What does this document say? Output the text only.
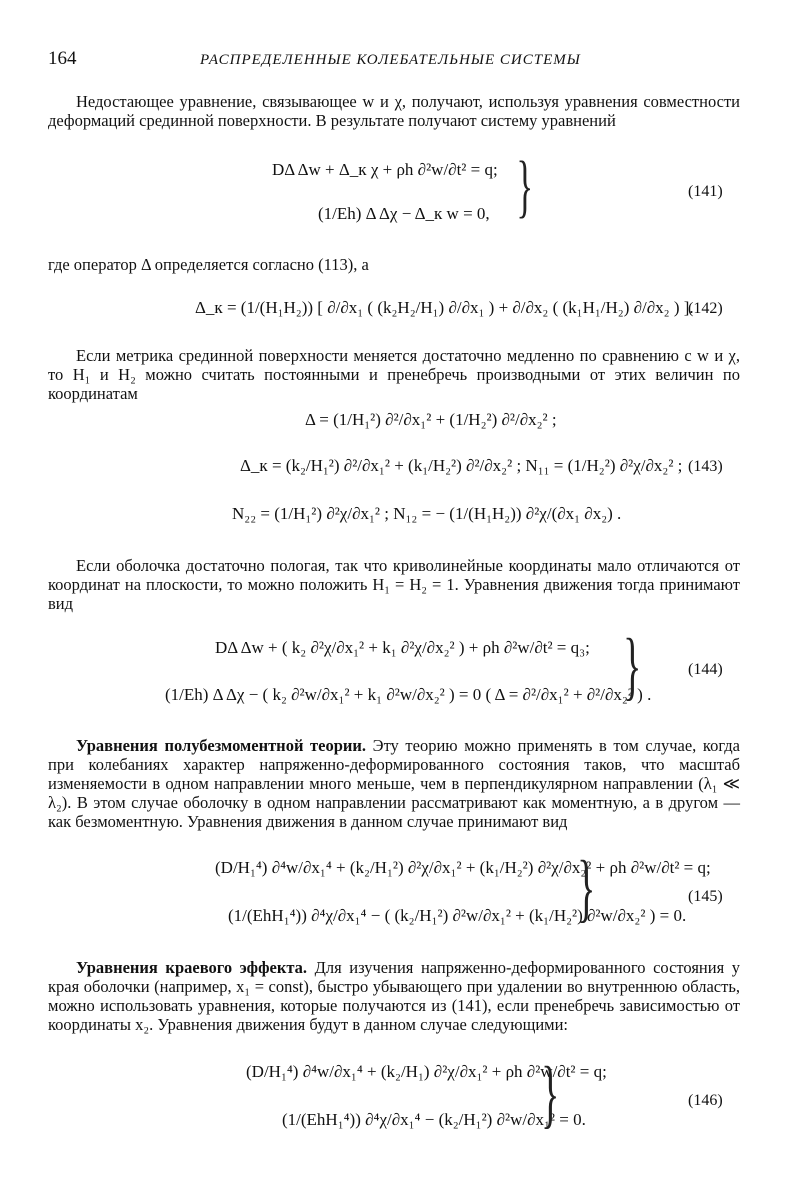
164	РАСПРЕДЕЛЕННЫЕ КОЛЕБАТЕЛЬНЫЕ СИСТЕМЫ
Недостающее уравнение, связывающее w и χ, получают, используя уравнения совместности деформаций срединной поверхности. В результате получают систему уравнений
DΔ Δw + Δ_к χ + ρh ∂²w/∂t² = q;
(1/Eh) Δ Δχ − Δ_к w = 0, }	(141)
где оператор Δ определяется согласно (113), а
Δ_к = (1/(H₁H₂)) [ ∂/∂x₁ ( (k₂H₂/H₁) ∂/∂x₁ ) + ∂/∂x₂ ( (k₁H₁/H₂) ∂/∂x₂ ) ].
(142)
Если метрика срединной поверхности меняется достаточно медленно по сравнению с w и χ, то H₁ и H₂ можно считать постоянными и пренебречь производными от этих величин по координатам
Δ = (1/H₁²) ∂²/∂x₁² + (1/H₂²) ∂²/∂x₂² ;
Δ_к = (k₂/H₁²) ∂²/∂x₁² + (k₁/H₂²) ∂²/∂x₂² ; N₁₁ = (1/H₂²) ∂²χ/∂x₂² ;
N₂₂ = (1/H₁²) ∂²χ/∂x₁² ; N₁₂ = − (1/(H₁H₂)) ∂²χ/(∂x₁ ∂x₂) .
(143)
Если оболочка достаточно пологая, так что криволинейные координаты мало отличаются от координат на плоскости, то можно положить H₁ = H₂ = 1. Уравнения движения тогда принимают вид
DΔ Δw + ( k₂ ∂²χ/∂x₁² + k₁ ∂²χ/∂x₂² ) + ρh ∂²w/∂t² = q₃;
(1/Eh) Δ Δχ − ( k₂ ∂²w/∂x₁² + k₁ ∂²w/∂x₂² ) = 0 ( Δ = ∂²/∂x₁² + ∂²/∂x₂² ) .
}	(144)
Уравнения полубезмоментной теории. Эту теорию можно применять в том случае, когда при колебаниях характер напряженно-деформированного состояния таков, что масштаб изменяемости в одном направлении много меньше, чем в перпендикулярном направлении (λ₁ ≪ λ₂). В этом случае оболочку в одном направлении рассматривают как моментную, а в другом — как безмоментную. Уравнения движения в данном случае принимают вид
(D/H₁⁴) ∂⁴w/∂x₁⁴ + (k₂/H₁²) ∂²χ/∂x₁² + (k₁/H₂²) ∂²χ/∂x₂² + ρh ∂²w/∂t² = q;
(1/(EhH₁⁴)) ∂⁴χ/∂x₁⁴ − ( (k₂/H₁²) ∂²w/∂x₁² + (k₁/H₂²) ∂²w/∂x₂² ) = 0.
}	(145)
Уравнения краевого эффекта. Для изучения напряженно-деформированного состояния у края оболочки (например, x₁ = const), быстро убывающего при удалении во внутреннюю область, можно использовать уравнения, которые получаются из (141), если пренебречь зависимостью от координаты x₂. Уравнения движения будут в данном случае следующими:
(D/H₁⁴) ∂⁴w/∂x₁⁴ + (k₂/H₁) ∂²χ/∂x₁² + ρh ∂²w/∂t² = q;
(1/(EhH₁⁴)) ∂⁴χ/∂x₁⁴ − (k₂/H₁²) ∂²w/∂x₁² = 0.
}	(146)
